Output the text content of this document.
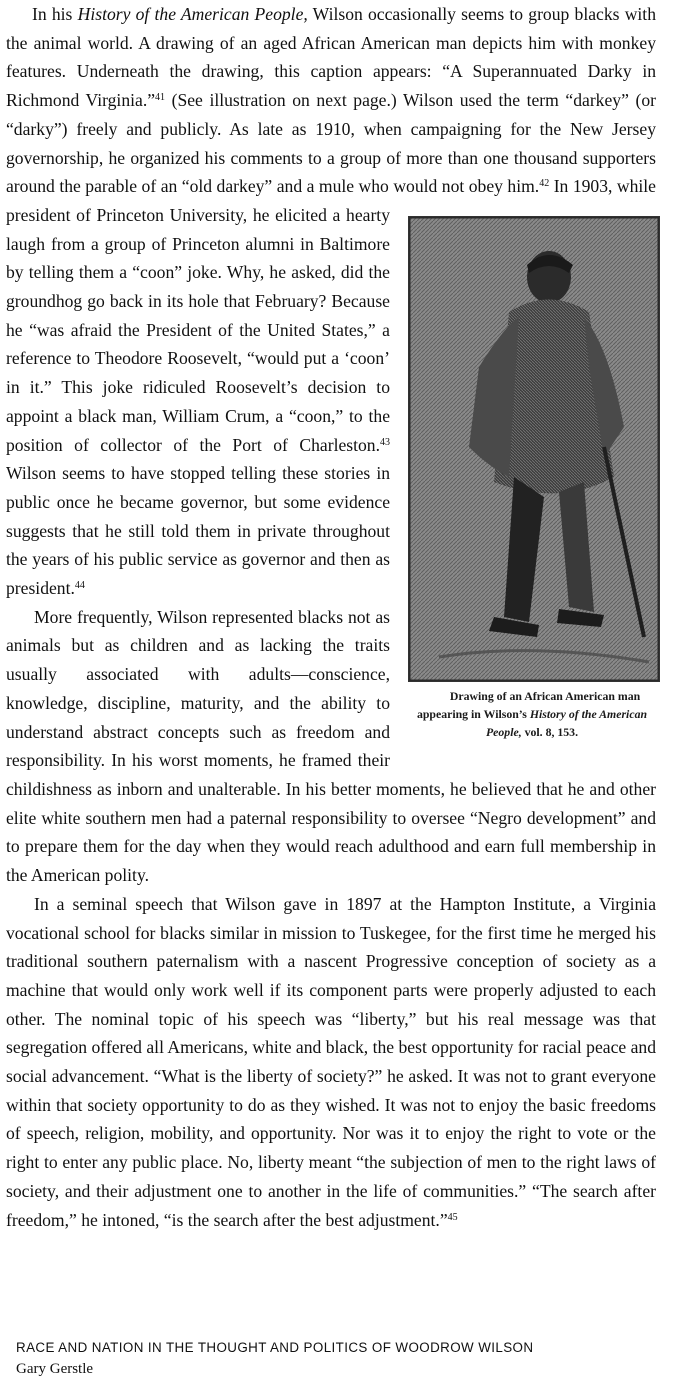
In his History of the American People, Wilson occasionally seems to group blacks with the animal world. A drawing of an aged African American man depicts him with monkey features. Underneath the drawing, this caption appears: “A Superannuated Darky in Richmond Virginia.”$^{41}$ (See illustration on next page.) Wilson used the term “darkey” (or “darky”) freely and publicly. As late as 1910, when campaigning for the New Jersey governorship, he organized his comments to a group of more than one thousand supporters around the parable of an “old darkey” and a mule who would not obey him.$^{42}$
Drawing of an African American man appearing in Wilson’s History of the American People, vol. 8, 153.
In 1903, while president of Princeton University, he elicited a hearty laugh from a group of Princeton alumni in Baltimore by telling them a “coon” joke. Why, he asked, did the groundhog go back in its hole that February? Because he “was afraid the President of the United States,” a reference to Theodore Roosevelt, “would put a ‘coon’ in it.” This joke ridiculed Roosevelt’s decision to appoint a black man, William Crum, a “coon,” to the position of collector of the Port of Charleston.$^{43}$ Wilson seems to have stopped telling these stories in public once he became governor, but some evidence suggests that he still told them in private throughout the years of his public service as governor and then as president.$^{44}$

More frequently, Wilson represented blacks not as animals but as children and as lacking the traits usually associated with adults—conscience, knowledge, discipline, maturity, and the ability to understand abstract concepts such as freedom and responsibility. In his worst moments, he framed their childishness as inborn and unalterable. In his better moments, he believed that he and other elite white southern men had a paternal responsibility to oversee “Negro development” and to prepare them for the day when they would reach adulthood and earn full membership in the American polity.

In a seminal speech that Wilson gave in 1897 at the Hampton Institute, a Virginia vocational school for blacks similar in mission to Tuskegee, for the first time he merged his traditional southern paternalism with a nascent Progressive conception of society as a machine that would only work well if its component parts were properly adjusted to each other. The nominal topic of his speech was “liberty,” but his real message was that segregation offered all Americans, white and black, the best opportunity for racial peace and social advancement. “What is the liberty of society?” he asked. It was not to grant everyone within that society opportunity to do as they wished. It was not to enjoy the basic freedoms of speech, religion, mobility, and opportunity. Nor was it to enjoy the right to vote or the right to enter any public place. No, liberty meant “the subjection of men to the right laws of society, and their adjustment one to another in the life of communities.” “The search after freedom,” he intoned, “is the search after the best adjustment.”$^{45}$

RACE AND NATION IN THE THOUGHT AND POLITICS OF WOODROW WILSON
Gary Gerstle
